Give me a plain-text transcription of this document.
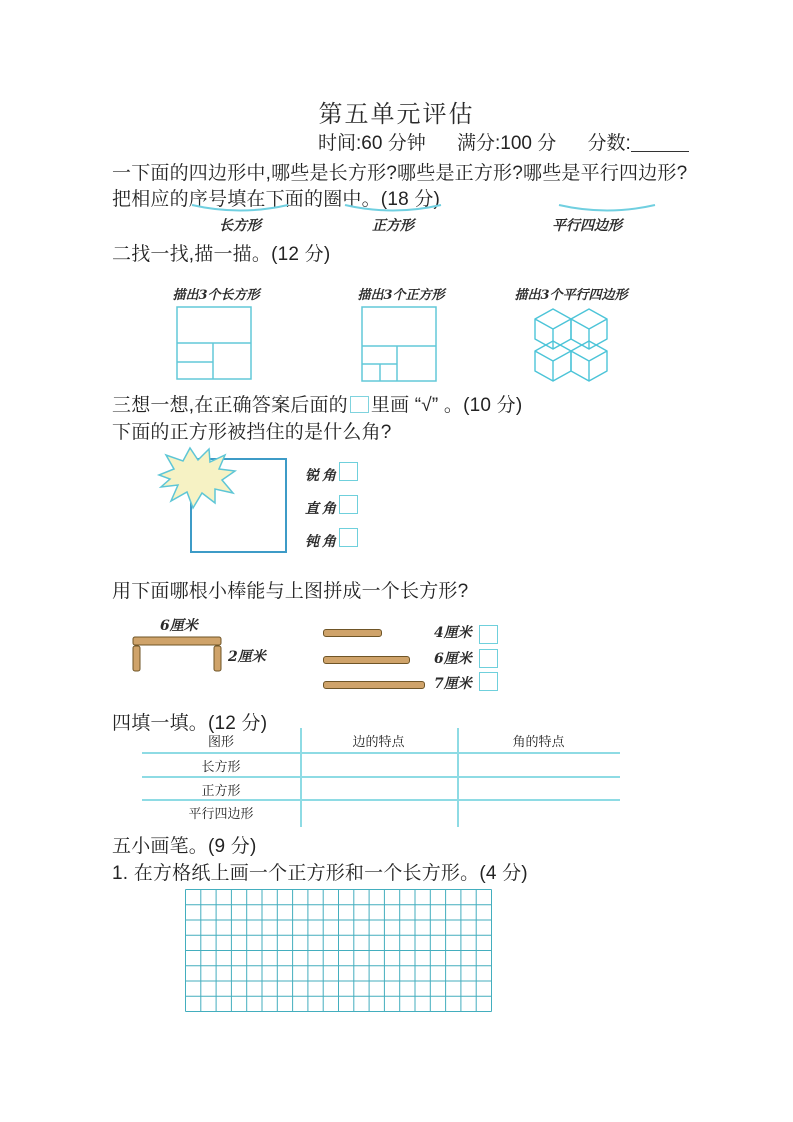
第五单元评估
时间:60 分钟 满分:100 分 分数:
一下面的四边形中,哪些是长方形?哪些是正方形?哪些是平行四边形?
把相应的序号填在下面的圈中。(18 分)
长方形	正方形	平行四边形
二找一找,描一描。(12 分)
描出3个长方形	描出3个正方形	描出3个平行四边形
三想一想,在正确答案后面的 里画 “√” 。(10 分)
下面的正方形被挡住的是什么角?
锐角
直角
钝角
用下面哪根小棒能与上图拼成一个长方形?
6厘米
2厘米
4厘米
6厘米
7厘米
四填一填。(12 分)
图形	边的特点	角的特点
长方形
正方形
平行四边形
五小画笔。(9 分)
1. 在方格纸上画一个正方形和一个长方形。(4 分)
